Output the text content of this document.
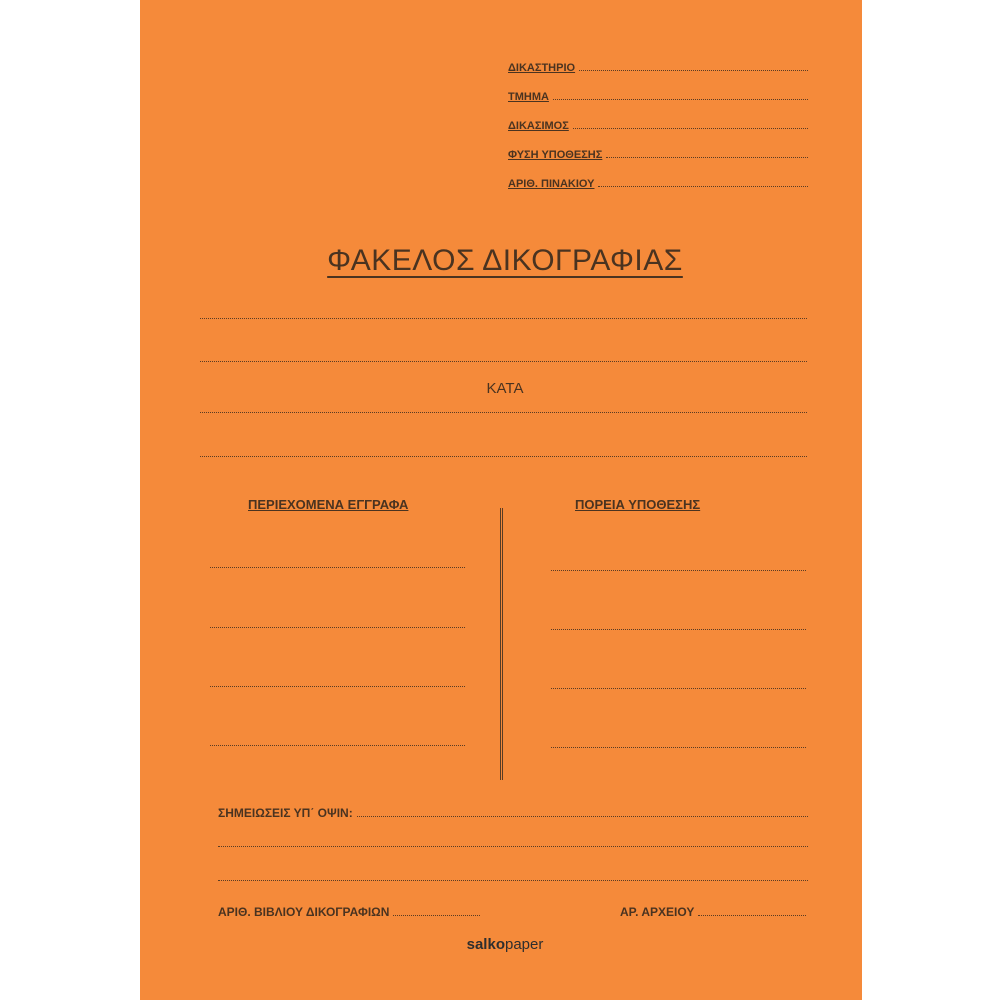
ΔΙΚΑΣΤΗΡΙΟ
ΤΜΗΜΑ
ΔΙΚΑΣΙΜΟΣ
ΦΥΣΗ ΥΠΟΘΕΣΗΣ
ΑΡΙΘ. ΠΙΝΑΚΙΟΥ
ΦΑΚΕΛΟΣ ΔΙΚΟΓΡΑΦΙΑΣ
ΚΑΤΑ
ΠΕΡΙΕΧΟΜΕΝΑ ΕΓΓΡΑΦΑ	ΠΟΡΕΙΑ ΥΠΟΘΕΣΗΣ
ΣΗΜΕΙΩΣΕΙΣ ΥΠ΄ ΟΨΙΝ:
ΑΡΙΘ. ΒΙΒΛΙΟΥ ΔΙΚΟΓΡΑΦΙΩΝ	ΑΡ. ΑΡΧΕΙΟΥ
salkopaper
